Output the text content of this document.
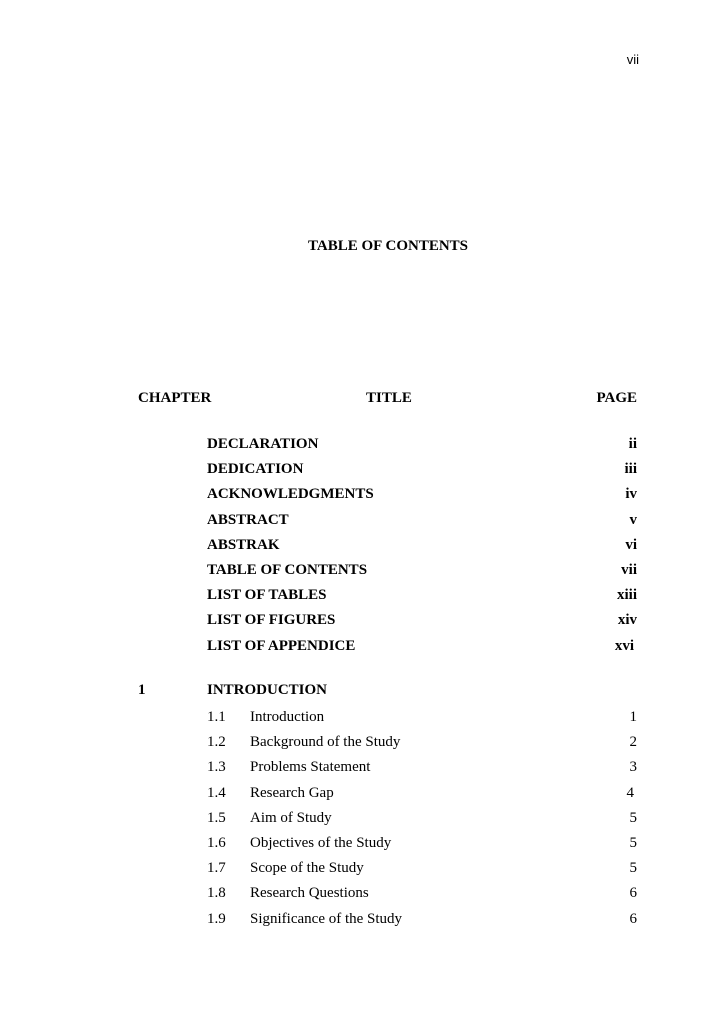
vii
TABLE OF CONTENTS
CHAPTER	TITLE	PAGE
DECLARATION	ii
DEDICATION	iii
ACKNOWLEDGMENTS	iv
ABSTRACT	v
ABSTRAK	vi
TABLE OF CONTENTS	vii
LIST OF TABLES	xiii
LIST OF FIGURES	xiv
LIST OF APPENDICE	xvi
1	INTRODUCTION
1.1 Introduction	1
1.2 Background of the Study	2
1.3 Problems Statement	3
1.4 Research Gap	4
1.5 Aim of Study	5
1.6 Objectives of the Study	5
1.7 Scope of the Study	5
1.8 Research Questions	6
1.9 Significance of the Study	6
